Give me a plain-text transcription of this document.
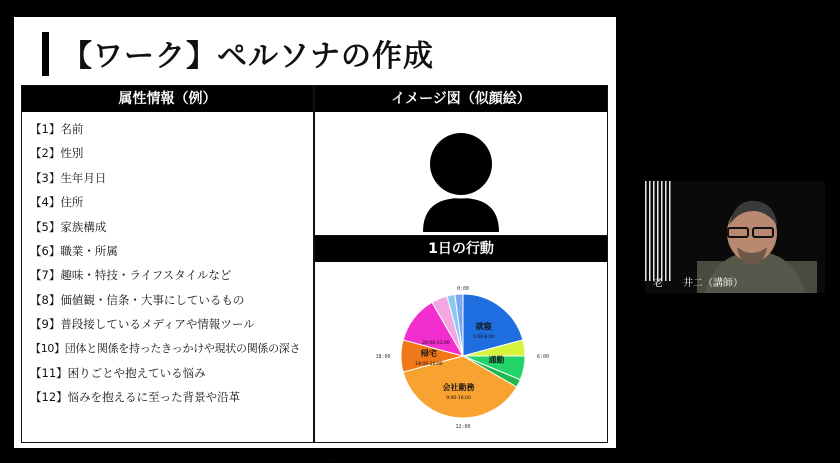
【ワーク】ペルソナの作成
属性情報（例）
【1】名前
【2】性別
【3】生年月日
【4】住所
【5】家族構成
【6】職業・所属
【7】趣味・特技・ライフスタイルなど
【8】価値観・信条・大事にしているもの
【9】普段接しているメディアや情報ツール
【10】団体と関係を持ったきっかけや現状の関係の深さ
【11】困りごとや抱えている悩み
【12】悩みを抱えるに至った背景や沿革
イメージ図（似顔絵）
1日の行動
就寝
1:00-6:00
通勤
会社勤務
9:00-18:00
帰宅
18:00-20:00
20:00-23:00
0:00
6:00
12:00
18:00
老　　井二（講師）
...
